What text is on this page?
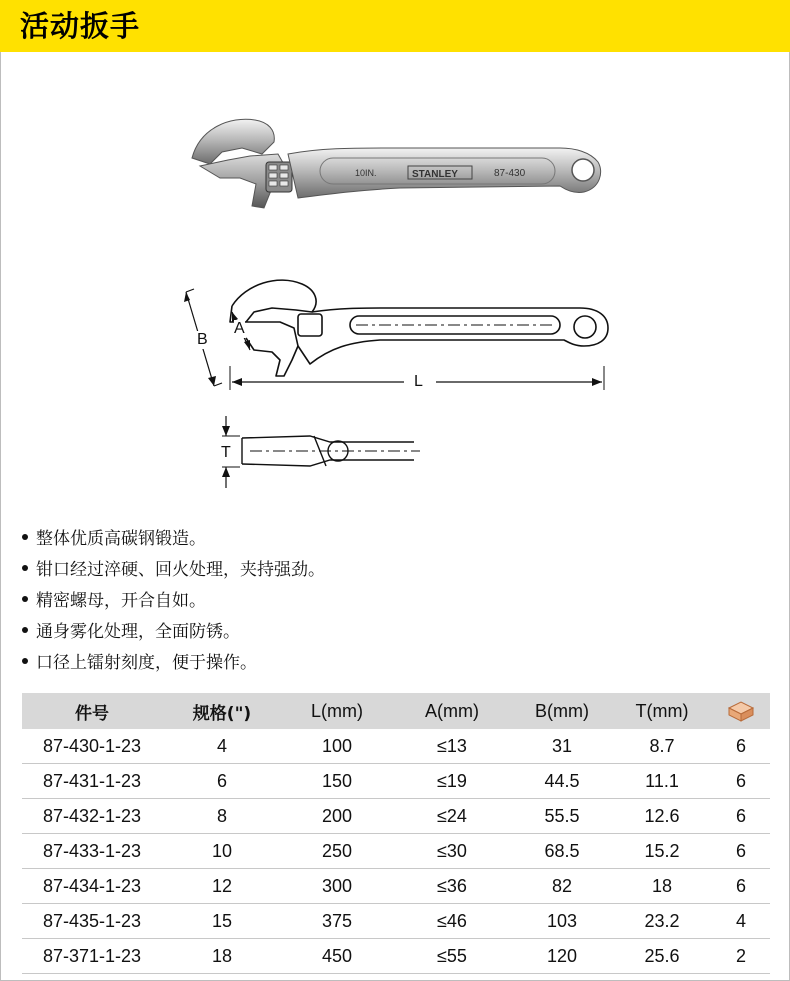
活动扳手
10IN.	STANLEY	87-430
B
A
L
T
整体优质高碳钢锻造。
钳口经过淬硬、回火处理，夹持强劲。
精密螺母，开合自如。
通身雾化处理，全面防锈。
口径上镭射刻度，便于操作。
件号	规格(")	L(mm)	A(mm)	B(mm)	T(mm)	
87-430-1-23	4	100	≤13	31	8.7	6
87-431-1-23	6	150	≤19	44.5	11.1	6
87-432-1-23	8	200	≤24	55.5	12.6	6
87-433-1-23	10	250	≤30	68.5	15.2	6
87-434-1-23	12	300	≤36	82	18	6
87-435-1-23	15	375	≤46	103	23.2	4
87-371-1-23	18	450	≤55	120	25.6	2
